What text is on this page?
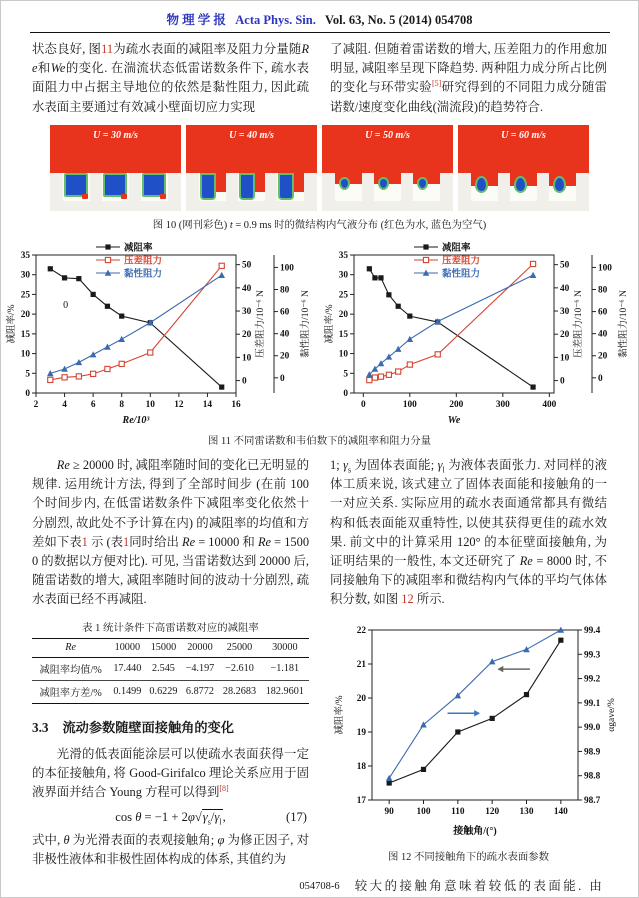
物 理 学 报 Acta Phys. Sin. Vol. 63, No. 5 (2014) 054708
状态良好, 图11为疏水表面的减阻率及阻力分量随Re和We的变化. 在湍流状态低雷诺数条件下, 疏水表面阻力中占据主导地位的依然是黏性阻力, 因此疏水表面主要通过有效减小壁面切应力实现
了减阻. 但随着雷诺数的增大, 压差阻力的作用愈加明显, 减阻率呈现下降趋势. 两种阻力成分所占比例的变化与环带实验[5]研究得到的不同阻力成分随雷诺数/速度变化曲线(湍流段)的趋势符合.
U = 30 m/s	U = 40 m/s	U = 50 m/s	U = 60 m/s
图 10 (网刊彩色) t = 0.9 ms 时的微结构内气液分布 (红色为水, 蓝色为空气)
2	4	6	8 10 12 14 16
Re/10³
0
5
10
15
20
25
30
35
减阻率/%
0
10
20
30
40
50
压差阻力/10⁻⁶ N
0
20
40
60
80
100
黏性阻力/10⁻⁶ N
减阻率
压差阻力
黏性阻力
0
0	100	200	300	400
We
0
5
10
15
20
25
30
35
减阻率/%
0
10
20
30
40
50
压差阻力/10⁻⁶ N
0
20
40
60
80
100
黏性阻力/10⁻⁶ N
减阻率
压差阻力
黏性阻力
图 11 不同雷诺数和韦伯数下的减阻率和阻力分量
Re ≥ 20000 时, 减阻率随时间的变化已无明显的规律. 运用统计方法, 得到了全部时间步 (在前 100 个时间步内, 在低雷诺数条件下减阻率变化依然十分剧烈, 故此处不予计算在内) 的减阻率的均值和方差如下表1 示 (表1同时给出 Re = 10000 和 Re = 15000 的数据以方便对比). 可见, 当雷诺数达到 20000 后, 随雷诺数的增大, 减阻率随时间的波动十分剧烈, 疏水表面已经不再减阻.
表 1 统计条件下高雷诺数对应的减阻率
Re	10000	15000	20000	25000	30000
减阻率均值/%	17.440	2.545	−4.197	−2.610	−1.181
减阻率方差/%	0.1499	0.6229	6.8772	28.2683	182.9601
3.3 流动参数随壁面接触角的变化
光滑的低表面能涂层可以使疏水表面获得一定的本征接触角, 将 Good-Girifalco 理论关系应用于固液界面并结合 Young 方程可以得到[8]
$\cos \theta = -1 + 2\varphi√\gamma_s/\gamma_l$,	(17)
式中, θ 为光滑表面的表观接触角; φ 为修正因子, 对非极性液体和非极性固体构成的体系, 其值约为
1; $\gamma_s$ 为固体表面能; $\gamma_l$ 为液体表面张力. 对同样的液体工质来说, 该式建立了固体表面能和接触角的一一对应关系. 实际应用的疏水表面通常都具有微结构和低表面能双重特性, 以使其获得更佳的疏水效果. 前文中的计算采用 120° 的本征壁面接触角, 为证明结果的一般性, 本文还研究了 Re = 8000 时, 不同接触角下的减阻率和微结构内气体的平均气体体积分数, 如图 12 所示.
90 100 110 120 130 140
接触角/(°)
17
18
19
20
21
22
减阻率/%
98.7
98.8
98.9
99.0
99.1
99.2
99.3
99.4
αgave/%
图 12 不同接触角下的疏水表面参数
较大的接触角意味着较低的表面能. 由
054708-6
